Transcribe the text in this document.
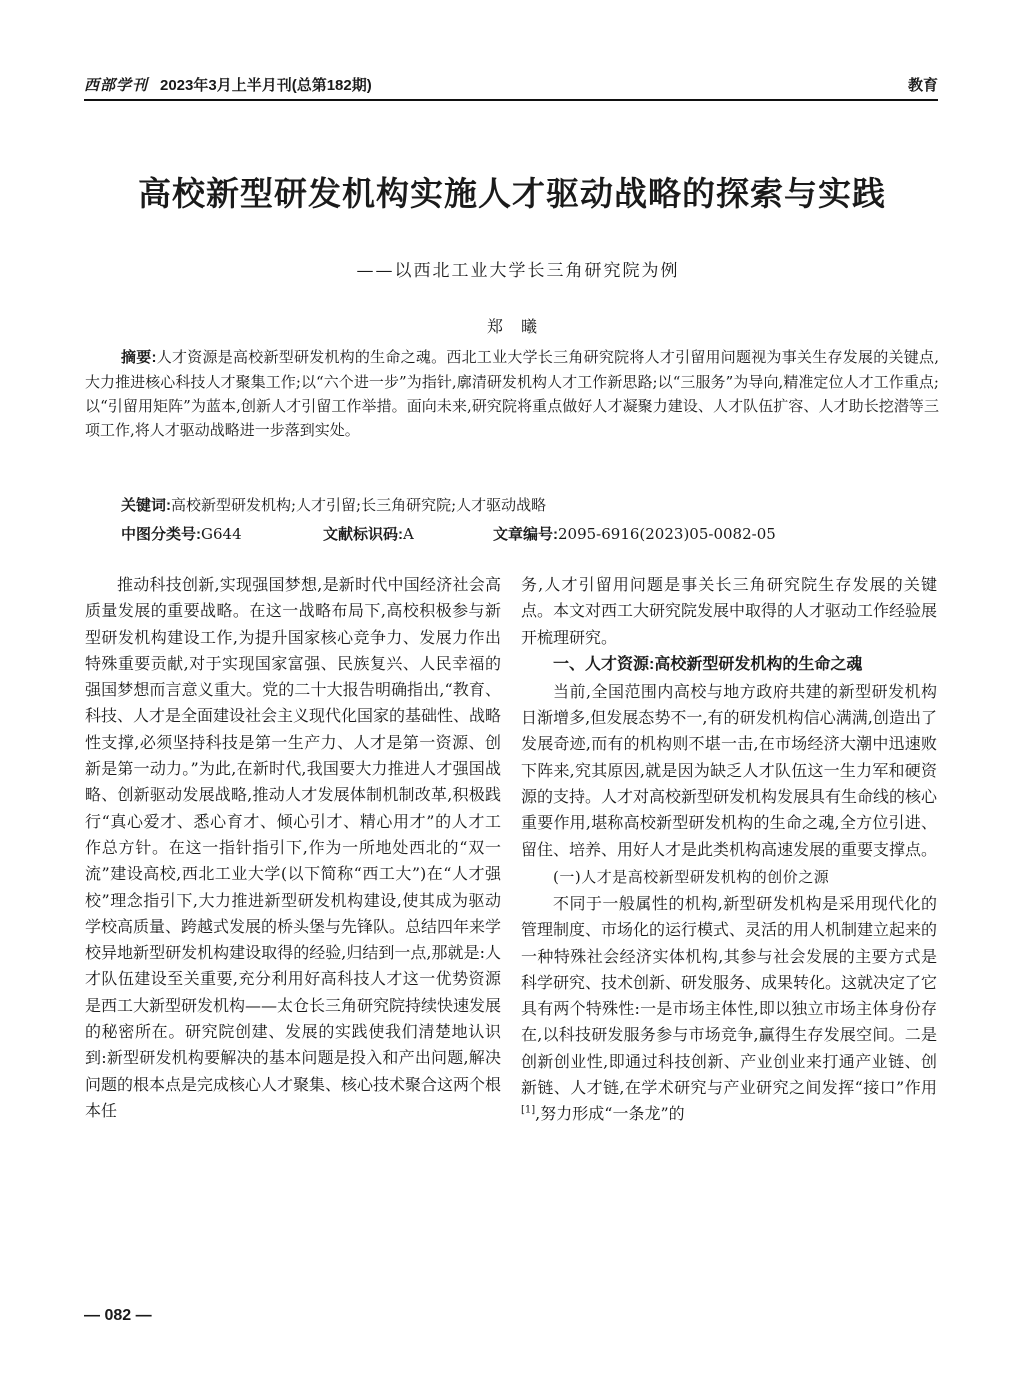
西部学刊 2023年3月上半月刊(总第182期)	教育
高校新型研发机构实施人才驱动战略的探索与实践
——以西北工业大学长三角研究院为例
郑曦

摘要:人才资源是高校新型研发机构的生命之魂。西北工业大学长三角研究院将人才引留用问题视为事关生存发展的关键点,大力推进核心科技人才聚集工作;以“六个进一步”为指针,廓清研发机构人才工作新思路;以“三服务”为导向,精准定位人才工作重点;以“引留用矩阵”为蓝本,创新人才引留工作举措。面向未来,研究院将重点做好人才凝聚力建设、人才队伍扩容、人才助长挖潜等三项工作,将人才驱动战略进一步落到实处。

关键词:高校新型研发机构;人才引留;长三角研究院;人才驱动战略
中图分类号:G644	文献标识码:A	文章编号:2095-6916(2023)05-0082-05

推动科技创新,实现强国梦想,是新时代中国经济社会高质量发展的重要战略。在这一战略布局下,高校积极参与新型研发机构建设工作,为提升国家核心竞争力、发展力作出特殊重要贡献,对于实现国家富强、民族复兴、人民幸福的强国梦想而言意义重大。党的二十大报告明确指出,“教育、科技、人才是全面建设社会主义现代化国家的基础性、战略性支撑,必须坚持科技是第一生产力、人才是第一资源、创新是第一动力。”为此,在新时代,我国要大力推进人才强国战略、创新驱动发展战略,推动人才发展体制机制改革,积极践行“真心爱才、悉心育才、倾心引才、精心用才”的人才工作总方针。在这一指针指引下,作为一所地处西北的“双一流”建设高校,西北工业大学(以下简称“西工大”)在“人才强校”理念指引下,大力推进新型研发机构建设,使其成为驱动学校高质量、跨越式发展的桥头堡与先锋队。总结四年来学校异地新型研发机构建设取得的经验,归结到一点,那就是:人才队伍建设至关重要,充分利用好高科技人才这一优势资源是西工大新型研发机构——太仓长三角研究院持续快速发展的秘密所在。研究院创建、发展的实践使我们清楚地认识到:新型研发机构要解决的基本问题是投入和产出问题,解决问题的根本点是完成核心人才聚集、核心技术聚合这两个根本任

务,人才引留用问题是事关长三角研究院生存发展的关键点。本文对西工大研究院发展中取得的人才驱动工作经验展开梳理研究。

一、人才资源:高校新型研发机构的生命之魂

当前,全国范围内高校与地方政府共建的新型研发机构日渐增多,但发展态势不一,有的研发机构信心满满,创造出了发展奇迹,而有的机构则不堪一击,在市场经济大潮中迅速败下阵来,究其原因,就是因为缺乏人才队伍这一生力军和硬资源的支持。人才对高校新型研发机构发展具有生命线的核心重要作用,堪称高校新型研发机构的生命之魂,全方位引进、留住、培养、用好人才是此类机构高速发展的重要支撑点。

(一)人才是高校新型研发机构的创价之源

不同于一般属性的机构,新型研发机构是采用现代化的管理制度、市场化的运行模式、灵活的用人机制建立起来的一种特殊社会经济实体机构,其参与社会发展的主要方式是科学研究、技术创新、研发服务、成果转化。这就决定了它具有两个特殊性:一是市场主体性,即以独立市场主体身份存在,以科技研发服务参与市场竞争,赢得生存发展空间。二是创新创业性,即通过科技创新、产业创业来打通产业链、创新链、人才链,在学术研究与产业研究之间发挥“接口”作用[1],努力形成“一条龙”的

— 082 —
